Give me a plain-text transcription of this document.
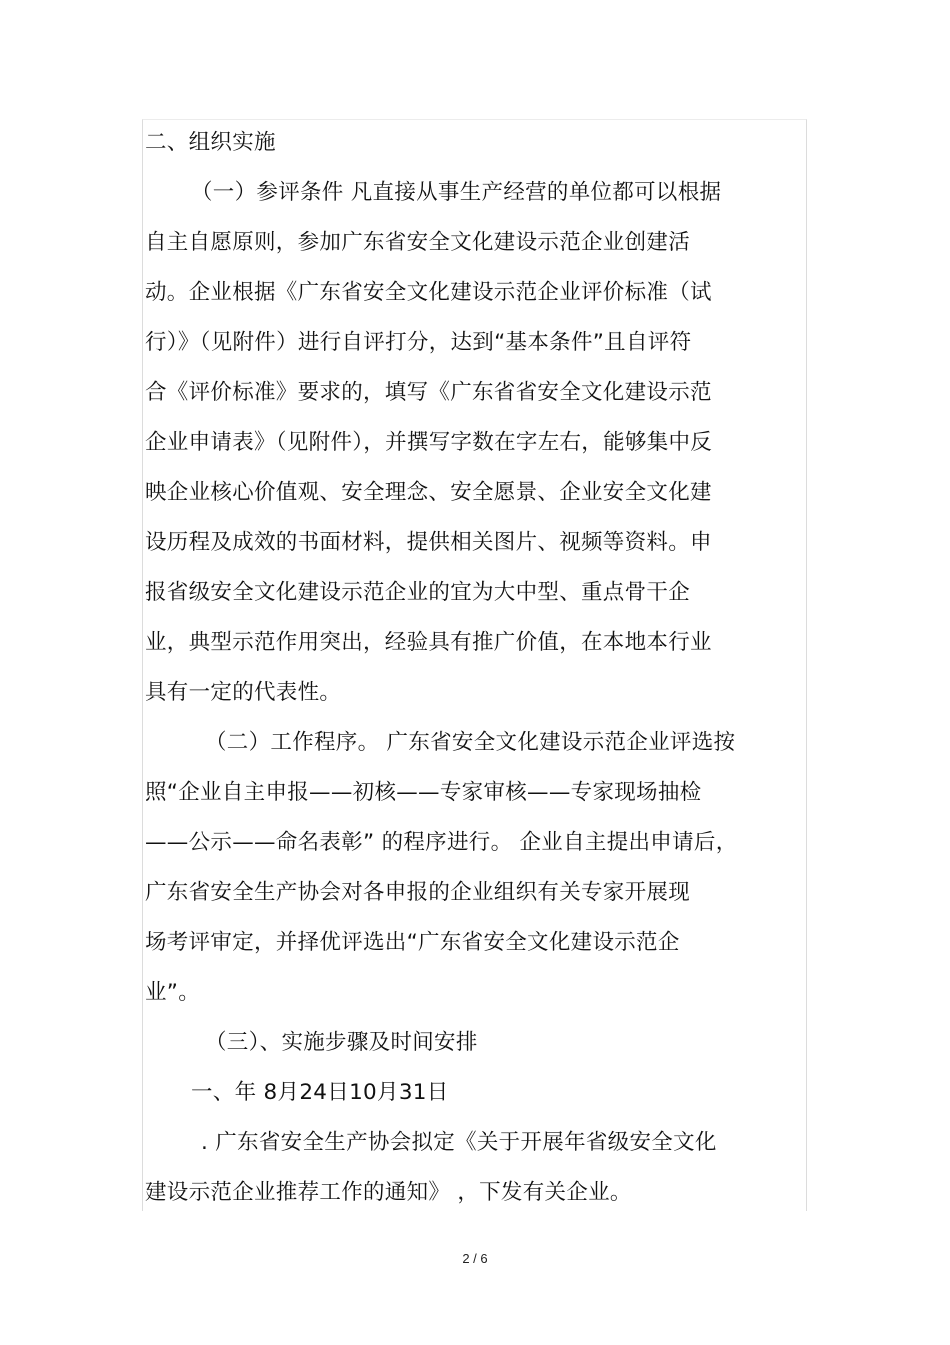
二、组织实施
（一）参评条件 凡直接从事生产经营的单位都可以根据
自主自愿原则，参加广东省安全文化建设示范企业创建活
动。企业根据《广东省安全文化建设示范企业评价标准（试
行）》（见附件）进行自评打分，达到“基本条件”且自评符
合《评价标准》要求的，填写《广东省省安全文化建设示范
企业申请表》（见附件），并撰写字数在字左右，能够集中反
映企业核心价值观、安全理念、安全愿景、企业安全文化建
设历程及成效的书面材料，提供相关图片、视频等资料。申
报省级安全文化建设示范企业的宜为大中型、重点骨干企
业，典型示范作用突出，经验具有推广价值，在本地本行业
具有一定的代表性。
（二）工作程序。 广东省安全文化建设示范企业评选按
照“企业自主申报——初核——专家审核——专家现场抽检
——公示——命名表彰” 的程序进行。 企业自主提出申请后，
广东省安全生产协会对各申报的企业组织有关专家开展现
场考评审定，并择优评选出“广东省安全文化建设示范企
业”。
（三）、实施步骤及时间安排
一、年 8月24日10月31日
. 广东省安全生产协会拟定《关于开展年省级安全文化
建设示范企业推荐工作的通知》 ，下发有关企业。
2 / 6
